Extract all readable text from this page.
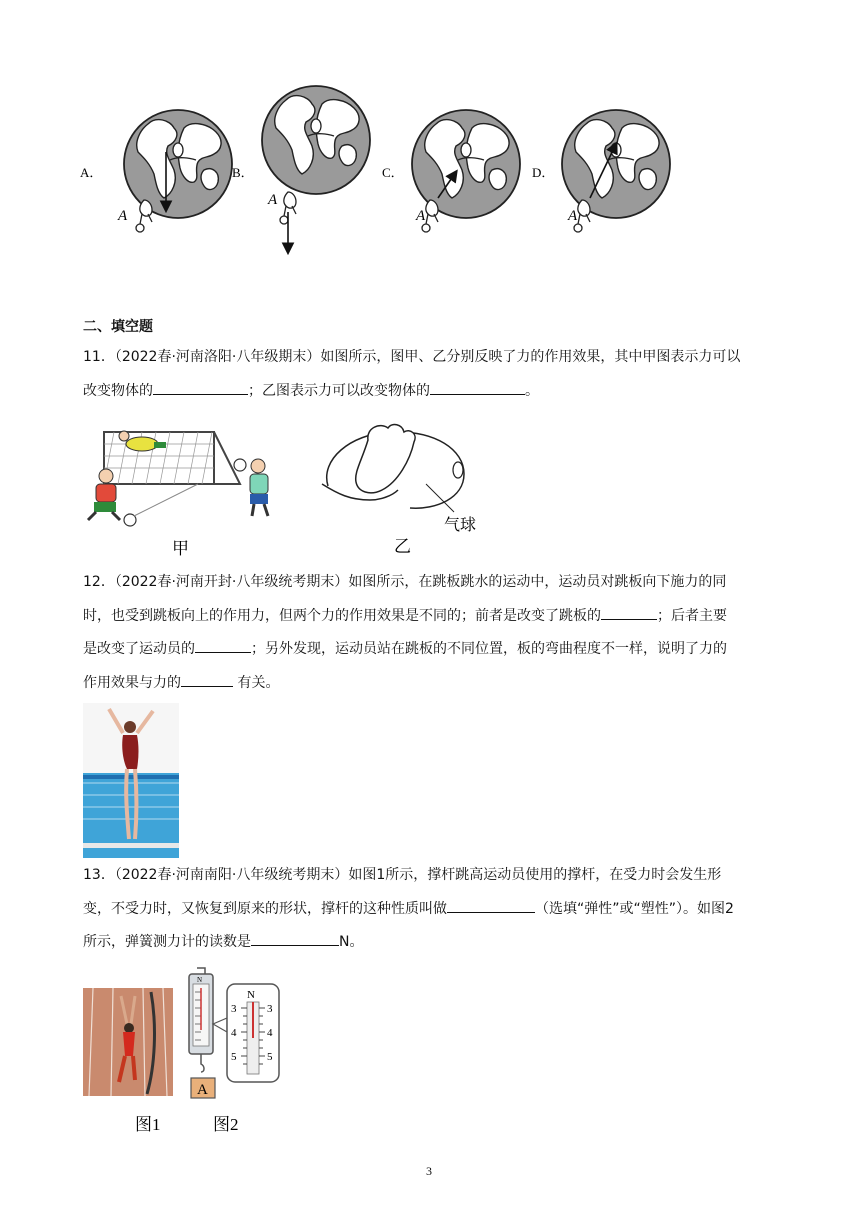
A．
A
B．
A
C．
A
D．
A
二、填空题
11．（2022春·河南洛阳·八年级期末）如图所示，图甲、乙分别反映了力的作用效果，其中甲图表示力可以
改变物体的	；乙图表示力可以改变物体的	。
甲
气球
乙
12．（2022春·河南开封·八年级统考期末）如图所示，在跳板跳水的运动中，运动员对跳板向下施力的同
时，也受到跳板向上的作用力，但两个力的作用效果是不同的；前者是改变了跳板的	；后者主要
是改变了运动员的	；另外发现，运动员站在跳板的不同位置，板的弯曲程度不一样，说明了力的
作用效果与力的	有关。
13．（2022春·河南南阳·八年级统考期末）如图1所示，撑杆跳高运动员使用的撑杆，在受力时会发生形
变，不受力时，又恢复到原来的形状，撑杆的这种性质叫做	（选填“弹性”或“塑性”）。如图2
所示，弹簧测力计的读数是	N。
图1
N
A
N
3	3
4	4
5	5
图2
3
